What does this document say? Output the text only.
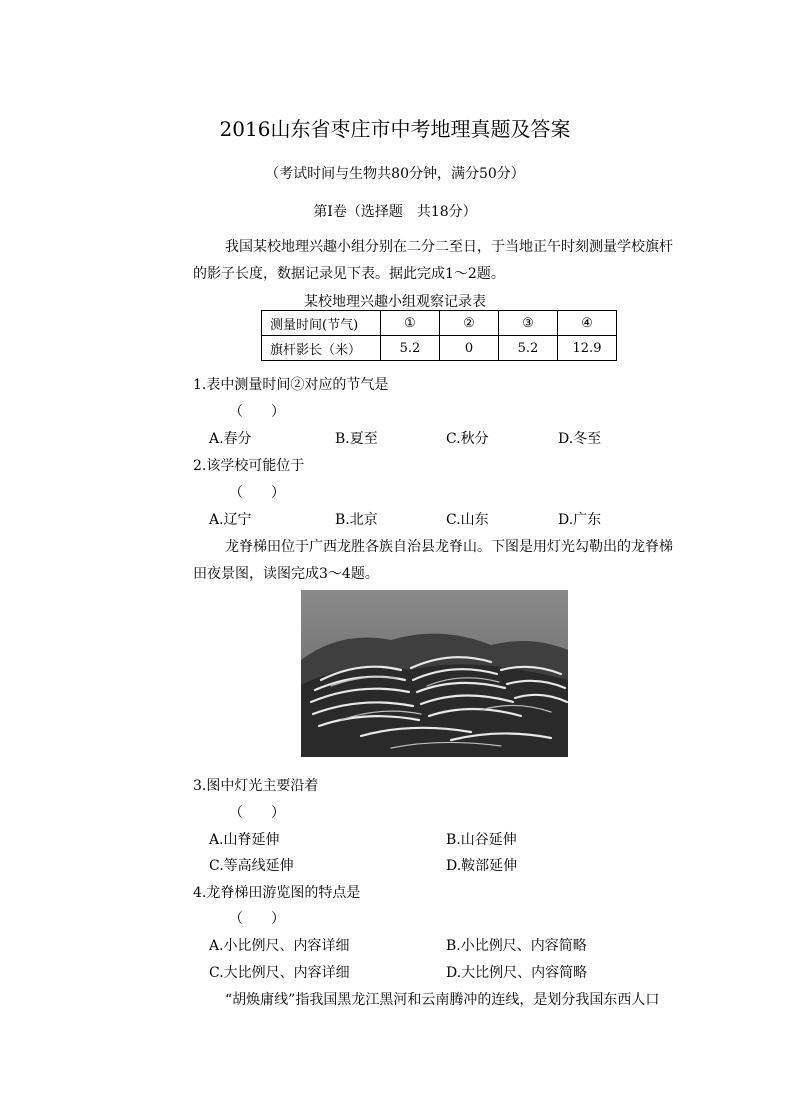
2016山东省枣庄市中考地理真题及答案
（考试时间与生物共80分钟，满分50分）
第Ⅰ卷（选择题　共18分）
我国某校地理兴趣小组分别在二分二至日，于当地正午时刻测量学校旗杆
的影子长度，数据记录见下表。据此完成1～2题。
某校地理兴趣小组观察记录表
测量时间(节气)	①	②	③	④
旗杆影长（米）	5.2	0	5.2	12.9
1.表中测量时间②对应的节气是
（　　）
A.春分	B.夏至	C.秋分	D.冬至
2.该学校可能位于
（　　）
A.辽宁	B.北京	C.山东	D.广东
龙脊梯田位于广西龙胜各族自治县龙脊山。下图是用灯光勾勒出的龙脊梯
田夜景图，读图完成3～4题。
3.图中灯光主要沿着
（　　）
A.山脊延伸	B.山谷延伸
C.等高线延伸	D.鞍部延伸
4.龙脊梯田游览图的特点是
（　　）
A.小比例尺、内容详细	B.小比例尺、内容简略
C.大比例尺、内容详细	D.大比例尺、内容简略
“胡焕庸线”指我国黑龙江黑河和云南腾冲的连线，是划分我国东西人口
